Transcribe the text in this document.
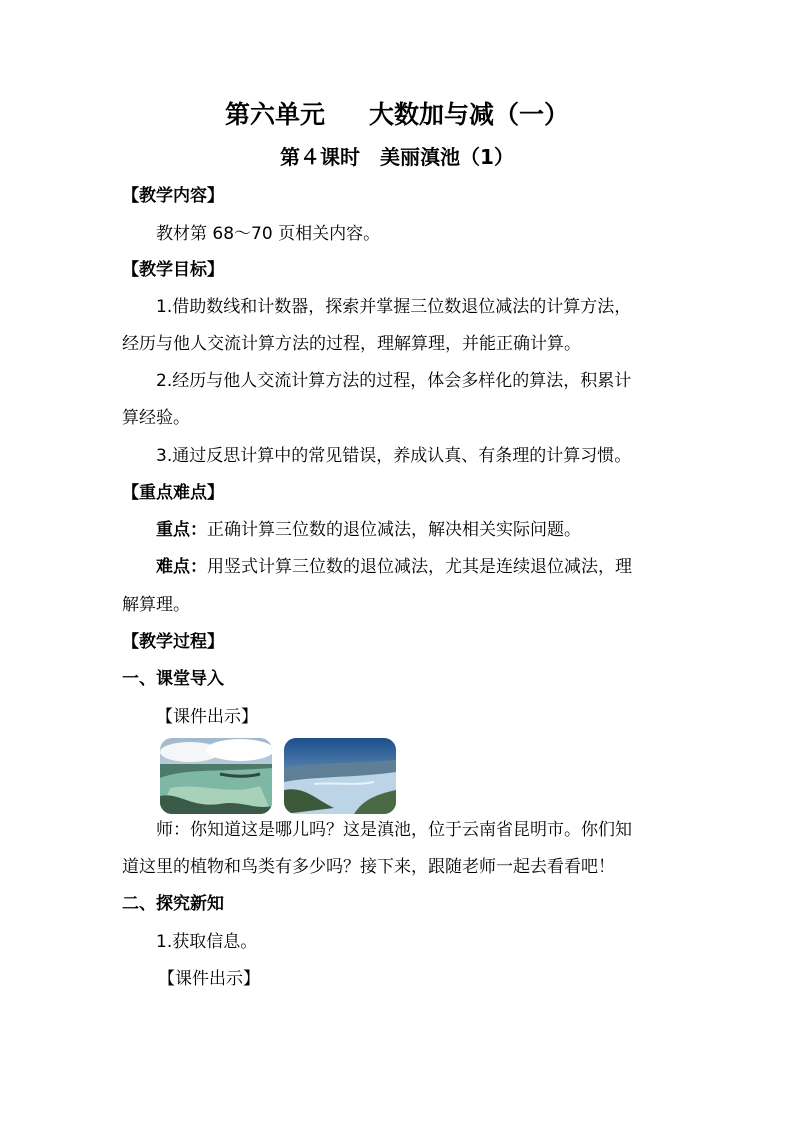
第六单元 大数加与减（一）
第４课时 美丽滇池（1）
【教学内容】
教材第 68～70 页相关内容。
【教学目标】
1.借助数线和计数器，探索并掌握三位数退位减法的计算方法，
经历与他人交流计算方法的过程，理解算理，并能正确计算。
2.经历与他人交流计算方法的过程，体会多样化的算法，积累计
算经验。
3.通过反思计算中的常见错误，养成认真、有条理的计算习惯。
【重点难点】
重点：正确计算三位数的退位减法，解决相关实际问题。
难点：用竖式计算三位数的退位减法，尤其是连续退位减法，理
解算理。
【教学过程】
一、课堂导入
【课件出示】
师：你知道这是哪儿吗？这是滇池，位于云南省昆明市。你们知
道这里的植物和鸟类有多少吗？接下来，跟随老师一起去看看吧！
二、探究新知
1.获取信息。
【课件出示】
